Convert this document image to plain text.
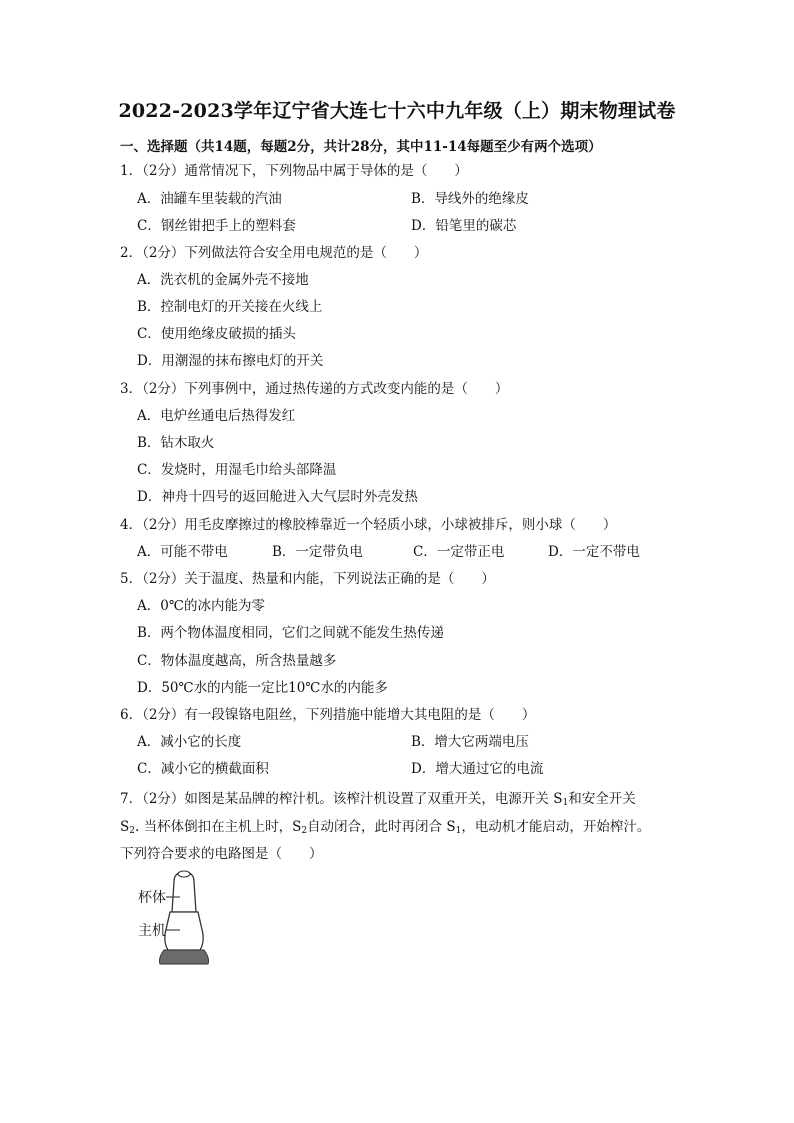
2022-2023学年辽宁省大连七十六中九年级（上）期末物理试卷
一、选择题（共14题，每题2分，共计28分，其中11-14每题至少有两个选项）
1．（2分）通常情况下，下列物品中属于导体的是（　　）
A．油罐车里装载的汽油	B．导线外的绝缘皮
C．钢丝钳把手上的塑料套	D．铅笔里的碳芯
2．（2分）下列做法符合安全用电规范的是（　　）
A．洗衣机的金属外壳不接地
B．控制电灯的开关接在火线上
C．使用绝缘皮破损的插头
D．用潮湿的抹布擦电灯的开关
3．（2分）下列事例中，通过热传递的方式改变内能的是（　　）
A．电炉丝通电后热得发红
B．钻木取火
C．发烧时，用湿毛巾给头部降温
D．神舟十四号的返回舱进入大气层时外壳发热
4．（2分）用毛皮摩擦过的橡胶棒靠近一个轻质小球，小球被排斥，则小球（　　）
A．可能不带电	B．一定带负电	C．一定带正电	D．一定不带电
5．（2分）关于温度、热量和内能，下列说法正确的是（　　）
A．0℃的冰内能为零
B．两个物体温度相同，它们之间就不能发生热传递
C．物体温度越高，所含热量越多
D．50℃水的内能一定比10℃水的内能多
6．（2分）有一段镍铬电阻丝，下列措施中能增大其电阻的是（　　）
A．减小它的长度	B．增大它两端电压
C．减小它的横截面积	D．增大通过它的电流
7．（2分）如图是某品牌的榨汁机。该榨汁机设置了双重开关，电源开关 $S_1$和安全开关
$S_2$. 当杯体倒扣在主机上时，$S_2$自动闭合，此时再闭合 $S_1$，电动机才能启动，开始榨汁。
下列符合要求的电路图是（　　）
杯体
主机
